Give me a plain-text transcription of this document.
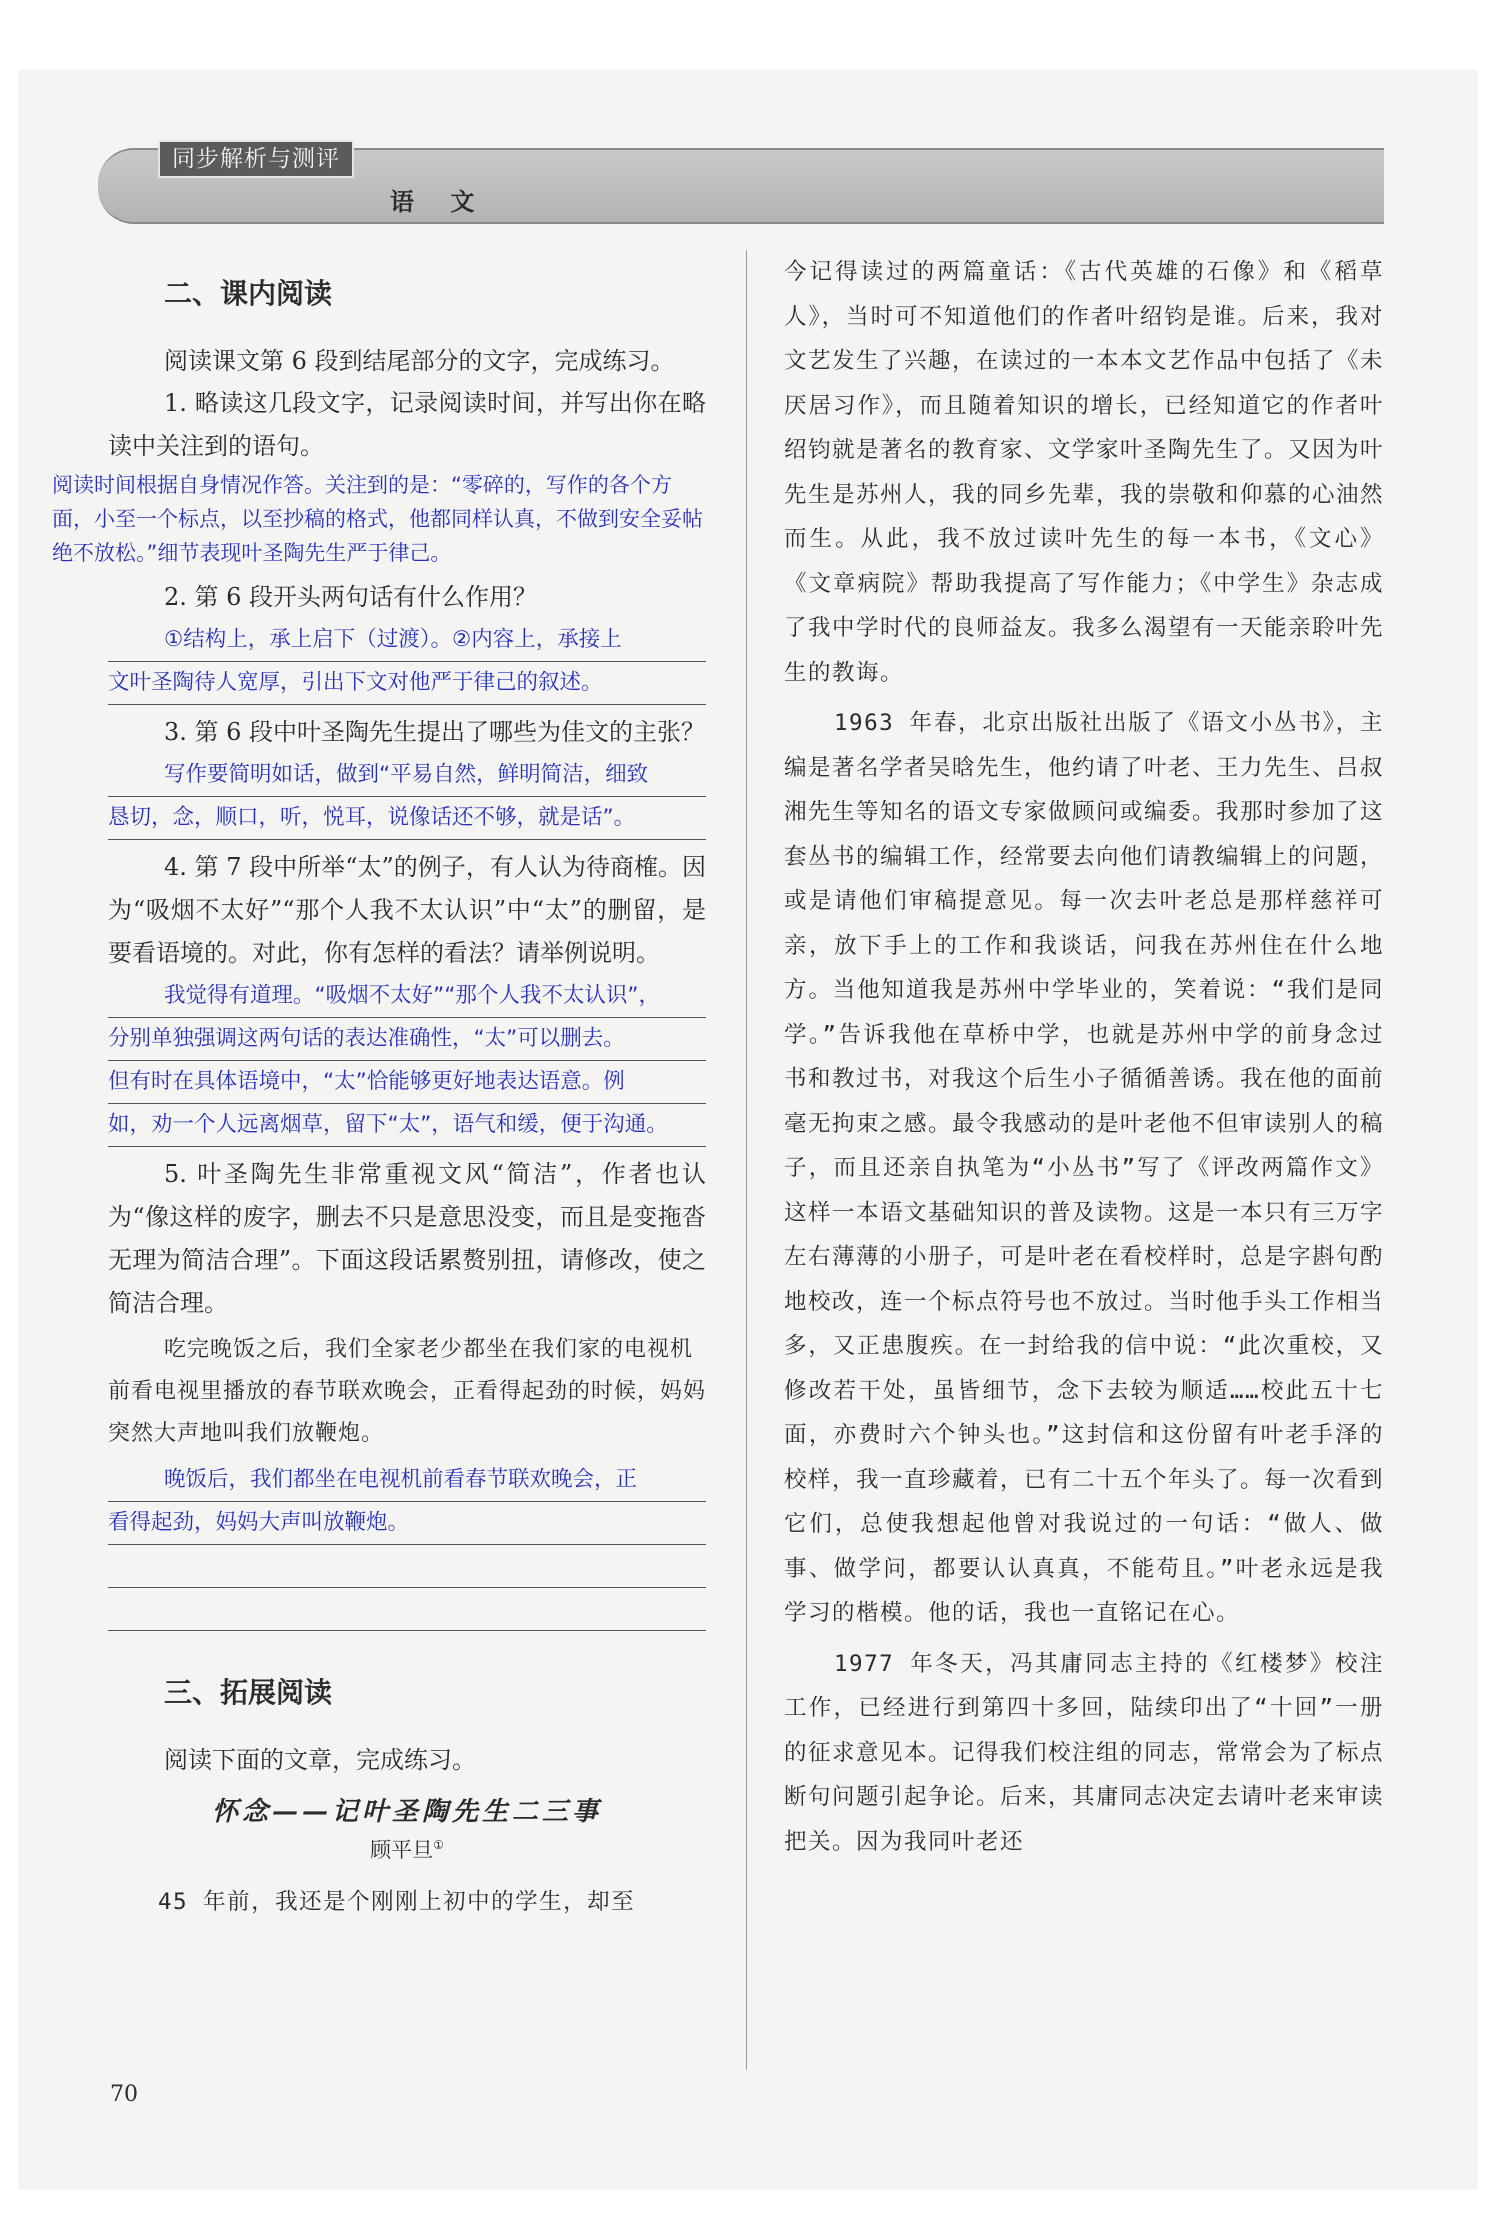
同步解析与测评
语 文
二、课内阅读

阅读课文第 6 段到结尾部分的文字，完成练习。

1. 略读这几段文字，记录阅读时间，并写出你在略读中关注到的语句。

阅读时间根据自身情况作答。关注到的是：“零碎的，写作的各个方面，小至一个标点，以至抄稿的格式，他都同样认真，不做到安全妥帖绝不放松。”细节表现叶圣陶先生严于律己。

2. 第 6 段开头两句话有什么作用？

①结构上，承上启下（过渡）。②内容上，承接上
文叶圣陶待人宽厚，引出下文对他严于律己的叙述。

3. 第 6 段中叶圣陶先生提出了哪些为佳文的主张？

写作要简明如话，做到“平易自然，鲜明简洁，细致
恳切，念，顺口，听，悦耳，说像话还不够，就是话”。

4. 第 7 段中所举“太”的例子，有人认为待商榷。因为“吸烟不太好”“那个人我不太认识”中“太”的删留，是要看语境的。对此，你有怎样的看法？请举例说明。

我觉得有道理。“吸烟不太好”“那个人我不太认识”，
分别单独强调这两句话的表达准确性，“太”可以删去。
但有时在具体语境中，“太”恰能够更好地表达语意。例
如，劝一个人远离烟草，留下“太”，语气和缓，便于沟通。

5. 叶圣陶先生非常重视文风“简洁”，作者也认为“像这样的废字，删去不只是意思没变，而且是变拖沓无理为简洁合理”。下面这段话累赘别扭，请修改，使之简洁合理。

吃完晚饭之后，我们全家老少都坐在我们家的电视机前看电视里播放的春节联欢晚会，正看得起劲的时候，妈妈突然大声地叫我们放鞭炮。

晚饭后，我们都坐在电视机前看春节联欢晚会，正
看得起劲，妈妈大声叫放鞭炮。
三、拓展阅读

阅读下面的文章，完成练习。

怀念——记叶圣陶先生二三事

顾平旦①

45 年前，我还是个刚刚上初中的学生，却至

今记得读过的两篇童话：《古代英雄的石像》和《稻草人》，当时可不知道他们的作者叶绍钧是谁。后来，我对文艺发生了兴趣，在读过的一本本文艺作品中包括了《未厌居习作》，而且随着知识的增长，已经知道它的作者叶绍钧就是著名的教育家、文学家叶圣陶先生了。又因为叶先生是苏州人，我的同乡先辈，我的崇敬和仰慕的心油然而生。从此，我不放过读叶先生的每一本书，《文心》《文章病院》帮助我提高了写作能力；《中学生》杂志成了我中学时代的良师益友。我多么渴望有一天能亲聆叶先生的教诲。

1963 年春，北京出版社出版了《语文小丛书》，主编是著名学者吴晗先生，他约请了叶老、王力先生、吕叔湘先生等知名的语文专家做顾问或编委。我那时参加了这套丛书的编辑工作，经常要去向他们请教编辑上的问题，或是请他们审稿提意见。每一次去叶老总是那样慈祥可亲，放下手上的工作和我谈话，问我在苏州住在什么地方。当他知道我是苏州中学毕业的，笑着说：“我们是同学。”告诉我他在草桥中学，也就是苏州中学的前身念过书和教过书，对我这个后生小子循循善诱。我在他的面前毫无拘束之感。最令我感动的是叶老他不但审读别人的稿子，而且还亲自执笔为“小丛书”写了《评改两篇作文》这样一本语文基础知识的普及读物。这是一本只有三万字左右薄薄的小册子，可是叶老在看校样时，总是字斟句酌地校改，连一个标点符号也不放过。当时他手头工作相当多，又正患腹疾。在一封给我的信中说：“此次重校，又修改若干处，虽皆细节，念下去较为顺适……校此五十七面，亦费时六个钟头也。”这封信和这份留有叶老手泽的校样，我一直珍藏着，已有二十五个年头了。每一次看到它们，总使我想起他曾对我说过的一句话：“做人、做事、做学问，都要认认真真，不能苟且。”叶老永远是我学习的楷模。他的话，我也一直铭记在心。

1977 年冬天，冯其庸同志主持的《红楼梦》校注工作，已经进行到第四十多回，陆续印出了“十回”一册的征求意见本。记得我们校注组的同志，常常会为了标点断句问题引起争论。后来，其庸同志决定去请叶老来审读把关。因为我同叶老还

70
